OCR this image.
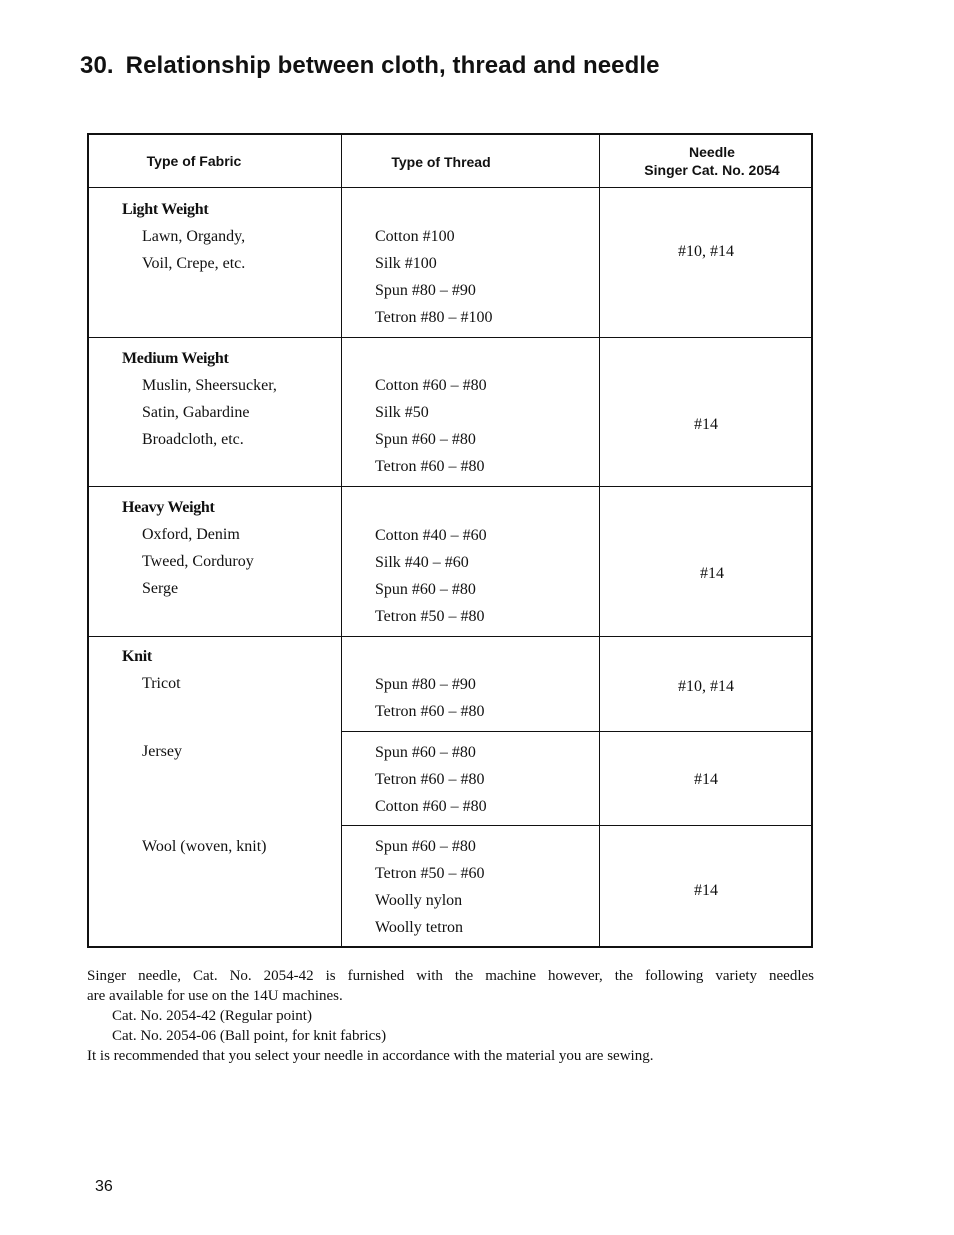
30. Relationship between cloth, thread and needle
Type of Fabric	Type of Thread
Needle
Singer Cat. No. 2054
Light Weight
Lawn, Organdy,
Voil, Crepe, etc.
Cotton #100
Silk #100
Spun #80 – #90
Tetron #80 – #100
#10, #14
Medium Weight
Muslin, Sheersucker,
Satin, Gabardine
Broadcloth, etc.
Cotton #60 – #80
Silk #50
Spun #60 – #80
Tetron #60 – #80
#14
Heavy Weight
Oxford, Denim
Tweed, Corduroy
Serge
Cotton #40 – #60
Silk #40 – #60
Spun #60 – #80
Tetron #50 – #80
#14
Knit
Tricot
Jersey
Wool (woven, knit)
Spun #80 – #90
Tetron #60 – #80
#10, #14
Spun #60 – #80
Tetron #60 – #80
Cotton #60 – #80
#14
Spun #60 – #80
Tetron #50 – #60
Woolly nylon
Woolly tetron
#14

Singer needle, Cat. No. 2054-42 is furnished with the machine however, the following variety needles

are available for use on the 14U machines.

Cat. No. 2054-42 (Regular point)

Cat. No. 2054-06 (Ball point, for knit fabrics)

It is recommended that you select your needle in accordance with the material you are sewing.

36
